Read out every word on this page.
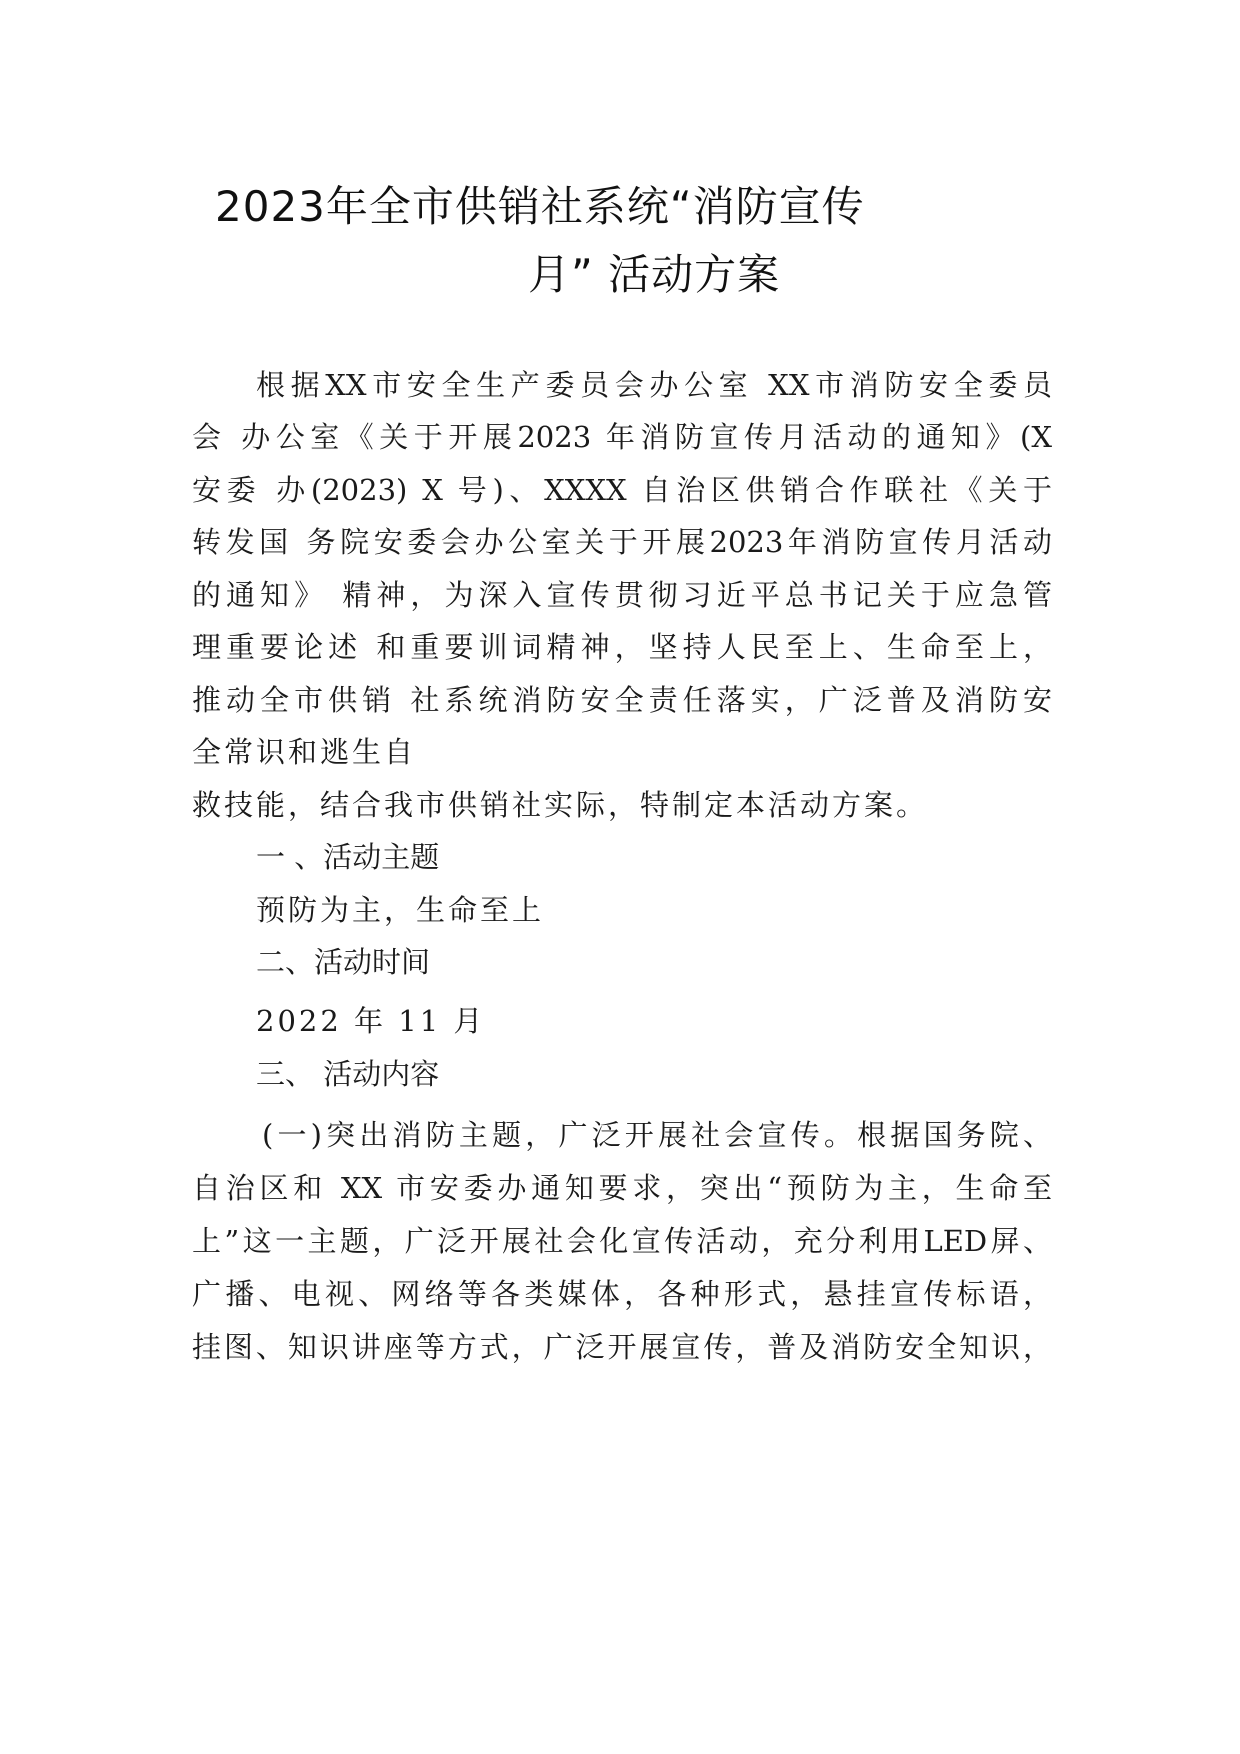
2023年全市供销社系统“消防宣传
月” 活动方案
根据XX市安全生产委员会办公室 XX市消防安全委员
会 办公室《关于开展2023 年消防宣传月活动的通知》(X
安委 办(2023) X 号)、XXXX 自治区供销合作联社《关于
转发国 务院安委会办公室关于开展2023年消防宣传月活动
的通知》 精神，为深入宣传贯彻习近平总书记关于应急管
理重要论述 和重要训词精神，坚持人民至上、生命至上，
推动全市供销 社系统消防安全责任落实，广泛普及消防安
全常识和逃生自
救技能，结合我市供销社实际，特制定本活动方案。
一 、活动主题
预防为主，生命至上
二、活动时间
2022 年 11 月
三、 活动内容
(一)突出消防主题，广泛开展社会宣传。根据国务院、
自治区和 XX 市安委办通知要求，突出“预防为主，生命至
上”这一主题，广泛开展社会化宣传活动，充分利用LED屏、
广播、电视、网络等各类媒体，各种形式，悬挂宣传标语，
挂图、知识讲座等方式，广泛开展宣传，普及消防安全知识，
